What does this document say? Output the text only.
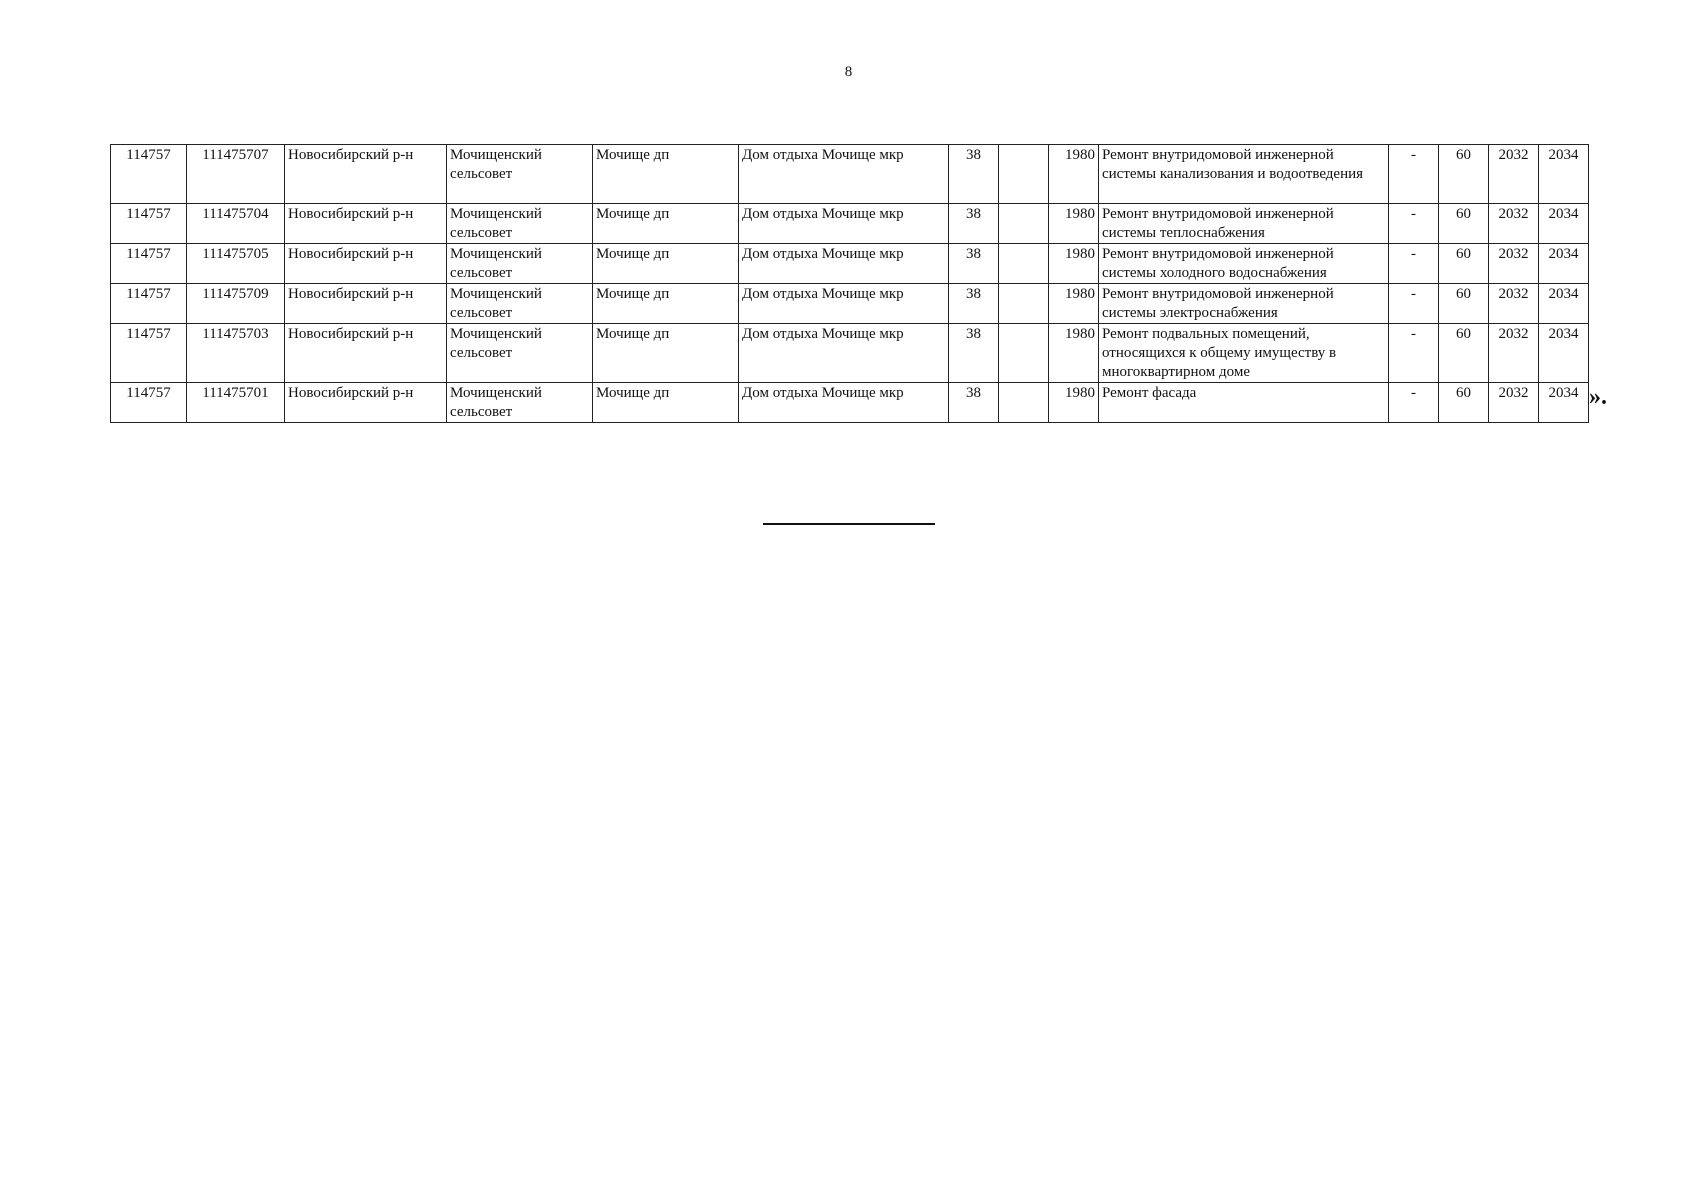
8
114757	111475707	Новосибирский р-н	Мочищенский сельсовет	Мочище дп	Дом отдыха Мочище мкр	38		1980	Ремонт внутридомовой инженерной системы канализования и водоотведения	-	60	2032	2034
114757	111475704	Новосибирский р-н	Мочищенский сельсовет	Мочище дп	Дом отдыха Мочище мкр	38		1980	Ремонт внутридомовой инженерной системы теплоснабжения	-	60	2032	2034
114757	111475705	Новосибирский р-н	Мочищенский сельсовет	Мочище дп	Дом отдыха Мочище мкр	38		1980	Ремонт внутридомовой инженерной системы холодного водоснабжения	-	60	2032	2034
114757	111475709	Новосибирский р-н	Мочищенский сельсовет	Мочище дп	Дом отдыха Мочище мкр	38		1980	Ремонт внутридомовой инженерной системы электроснабжения	-	60	2032	2034
114757	111475703	Новосибирский р-н	Мочищенский сельсовет	Мочище дп	Дом отдыха Мочище мкр	38		1980	Ремонт подвальных помещений, относящихся к общему имуществу в многоквартирном доме	-	60	2032	2034
114757	111475701	Новосибирский р-н	Мочищенский сельсовет	Мочище дп	Дом отдыха Мочище мкр	38		1980	Ремонт фасада	-	60	2032	2034 ».
